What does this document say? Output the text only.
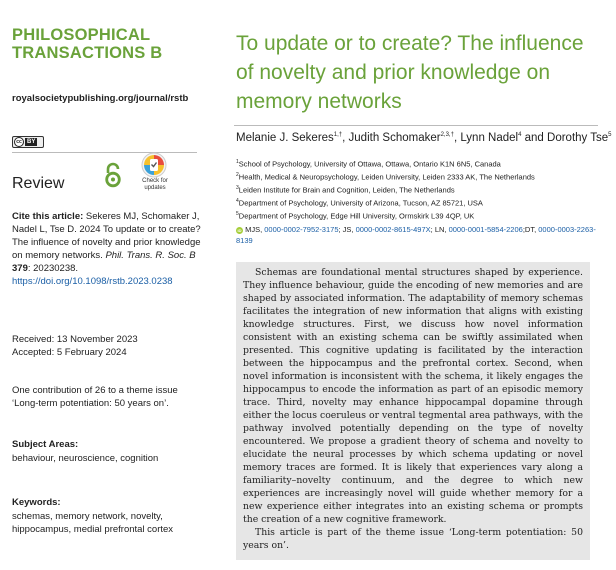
PHILOSOPHICAL
TRANSACTIONS B
royalsocietypublishing.org/journal/rstb
cc BY
Review	Check for
updates
Cite this article: Sekeres MJ, Schomaker J, Nadel L, Tse D. 2024 To update or to create? The influence of novelty and prior knowledge on memory networks. Phil. Trans. R. Soc. B 379: 20230238.
https://doi.org/10.1098/rstb.2023.0238
Received: 13 November 2023
Accepted: 5 February 2024
One contribution of 26 to a theme issue ‘Long-term potentiation: 50 years on’.
Subject Areas:
behaviour, neuroscience, cognition
Keywords:
schemas, memory network, novelty, hippocampus, medial prefrontal cortex
To update or to create? The influence of novelty and prior knowledge on memory networks
Melanie J. Sekeres$^{1,\dagger}$, Judith Schomaker$^{2,3,\dagger}$, Lynn Nadel$^4$ and Dorothy Tse$^5$
$^1$School of Psychology, University of Ottawa, Ottawa, Ontario K1N 6N5, Canada
$^2$Health, Medical & Neuropsychology, Leiden University, Leiden 2333 AK, The Netherlands
$^3$Leiden Institute for Brain and Cognition, Leiden, The Netherlands
$^4$Department of Psychology, University of Arizona, Tucson, AZ 85721, USA
$^5$Department of Psychology, Edge Hill University, Ormskirk L39 4QP, UK
iD MJS, 0000-0002-7952-3175; JS, 0000-0002-8615-497X; LN, 0000-0001-5854-2206;DT, 0000-0003-2263-8139

Schemas are foundational mental structures shaped by experience. They influence behaviour, guide the encoding of new memories and are shaped by associated information. The adaptability of memory schemas facilitates the integration of new information that aligns with existing knowledge structures. First, we discuss how novel information consistent with an existing schema can be swiftly assimilated when presented. This cognitive updating is facilitated by the interaction between the hippocampus and the prefrontal cortex. Second, when novel information is inconsistent with the schema, it likely engages the hippocampus to encode the information as part of an episodic memory trace. Third, novelty may enhance hippocampal dopamine through either the locus coeruleus or ventral tegmental area pathways, with the pathway involved potentially depending on the type of novelty encountered. We propose a gradient theory of schema and novelty to elucidate the neural processes by which schema updating or novel memory traces are formed. It is likely that experiences vary along a familiarity–novelty continuum, and the degree to which new experiences are increasingly novel will guide whether memory for a new experience either integrates into an existing schema or prompts the creation of a new cognitive framework.

This article is part of the theme issue ‘Long-term potentiation: 50 years on’.
